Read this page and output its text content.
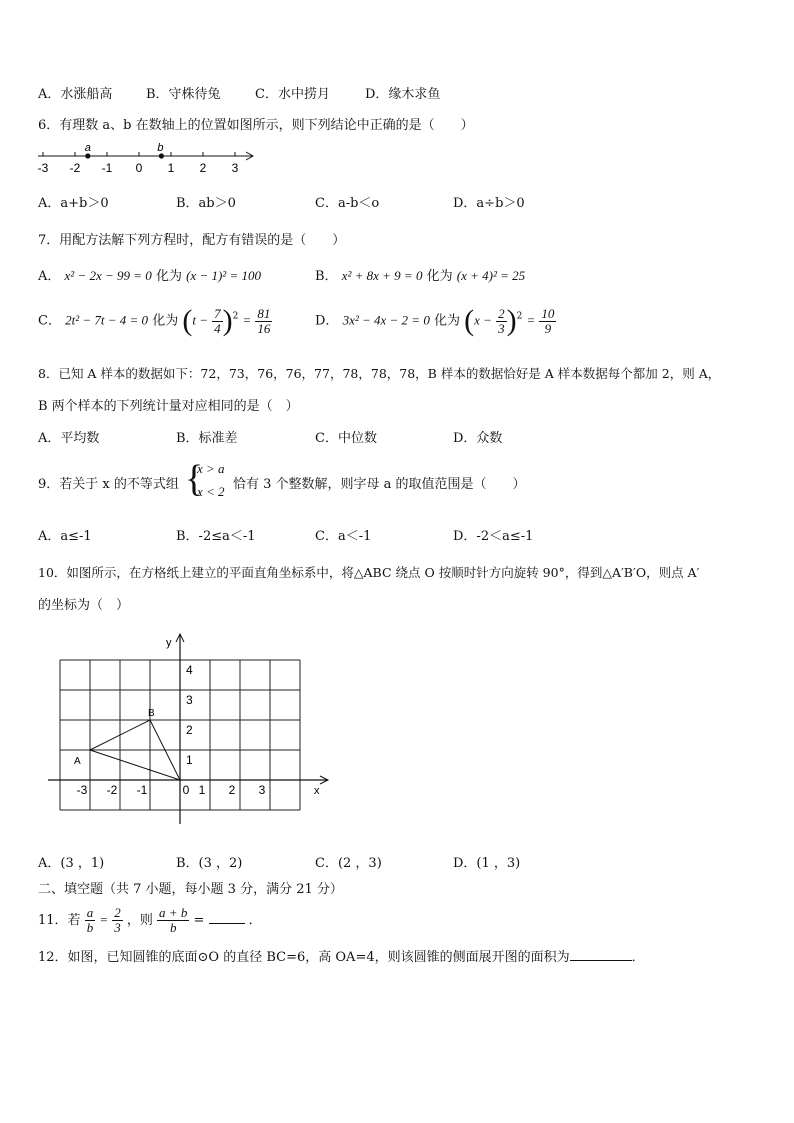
A．水涨船高	B．守株待兔	C．水中捞月	D．缘木求鱼
6．有理数 a、b 在数轴上的位置如图所示，则下列结论中正确的是（　　）
-3 -2 -1 0 1 2 3
a	b
A．a+b＞0	B．ab＞0	C．a-b＜o	D．a÷b＞0
7．用配方法解下列方程时，配方有错误的是（　　）
A． x² − 2x − 99 = 0 化为 (x − 1)² = 100	B． x² + 8x + 9 = 0 化为 (x + 4)² = 25
C． 2t² − 7t − 4 = 0 化为 $(t - \frac{7}{4} )^2 = \frac{81}{16}$	D． 3x² − 4x − 2 = 0 化为 $(x - \frac{2}{3} )^2 = \frac{10}{9}$
8．已知 A 样本的数据如下：72，73，76，76，77，78，78，78，B 样本的数据恰好是 A 样本数据每个都加 2，则 A，
B 两个样本的下列统计量对应相同的是（　）
A．平均数	B．标准差	C．中位数	D．众数
9．若关于 x 的不等式组 {
x > a
x < 2 恰有 3 个整数解，则字母 a 的取值范围是（　　）
A．a≤-1	B．-2≤a＜-1	C．a＜-1	D．-2＜a≤-1
10．如图所示，在方格纸上建立的平面直角坐标系中，将△ABC 绕点 O 按顺时针方向旋转 90°，得到△A′B′O，则点 A′
的坐标为（　）
-3 -2 -1	0 1 2 3
1
2
3
4
A
B
x
y
A．(3 ，1)	B．(3 ，2)	C．(2 ，3)	D．(1 ，3)
二、填空题（共 7 小题，每小题 3 分，满分 21 分）
11．若 $\frac{a}{b} = \frac{2}{3}$ ，则 $\frac{a + b}{b}$ =	．
12．如图，已知圆锥的底面⊙O 的直径 BC=6，高 OA=4，则该圆锥的侧面展开图的面积为	．
